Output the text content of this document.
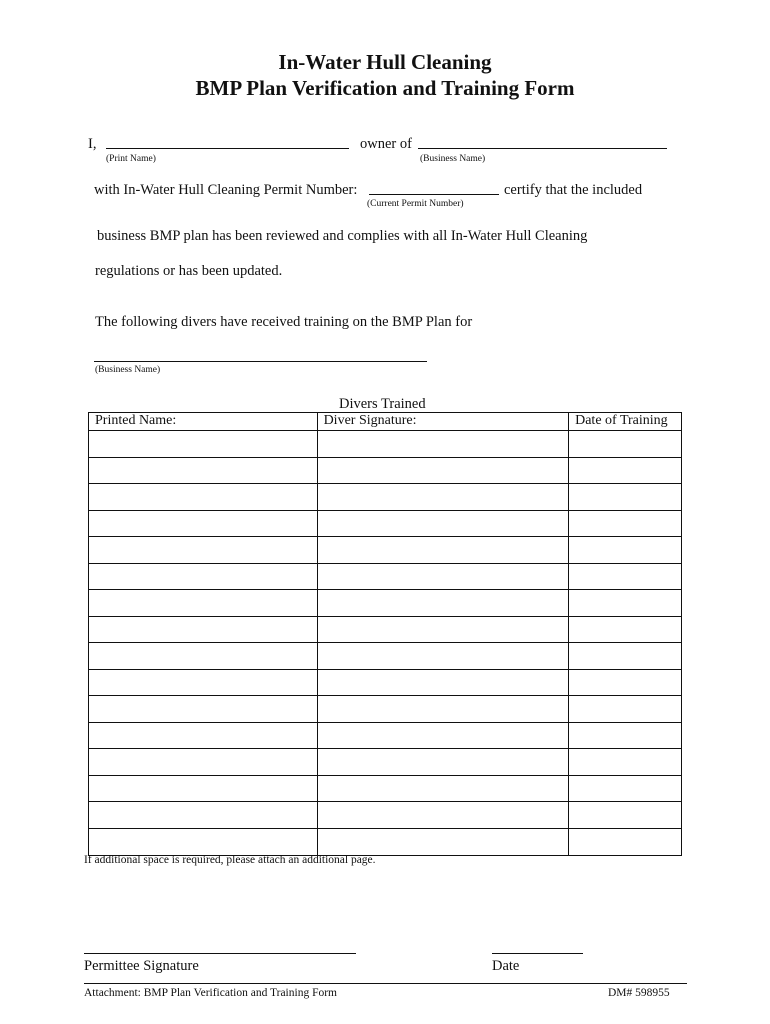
In-Water Hull Cleaning
BMP Plan Verification and Training Form
I,	owner of
(Print Name)	(Business Name)
with In-Water Hull Cleaning Permit Number:	certify that the included
(Current Permit Number)
business BMP plan has been reviewed and complies with all In-Water Hull Cleaning
regulations or has been updated.
The following divers have received training on the BMP Plan for
(Business Name)
Divers Trained
Printed Name:	Diver Signature:	Date of Training

If additional space is required, please attach an additional page.
Permittee Signature	Date
Attachment: BMP Plan Verification and Training Form	DM# 598955
